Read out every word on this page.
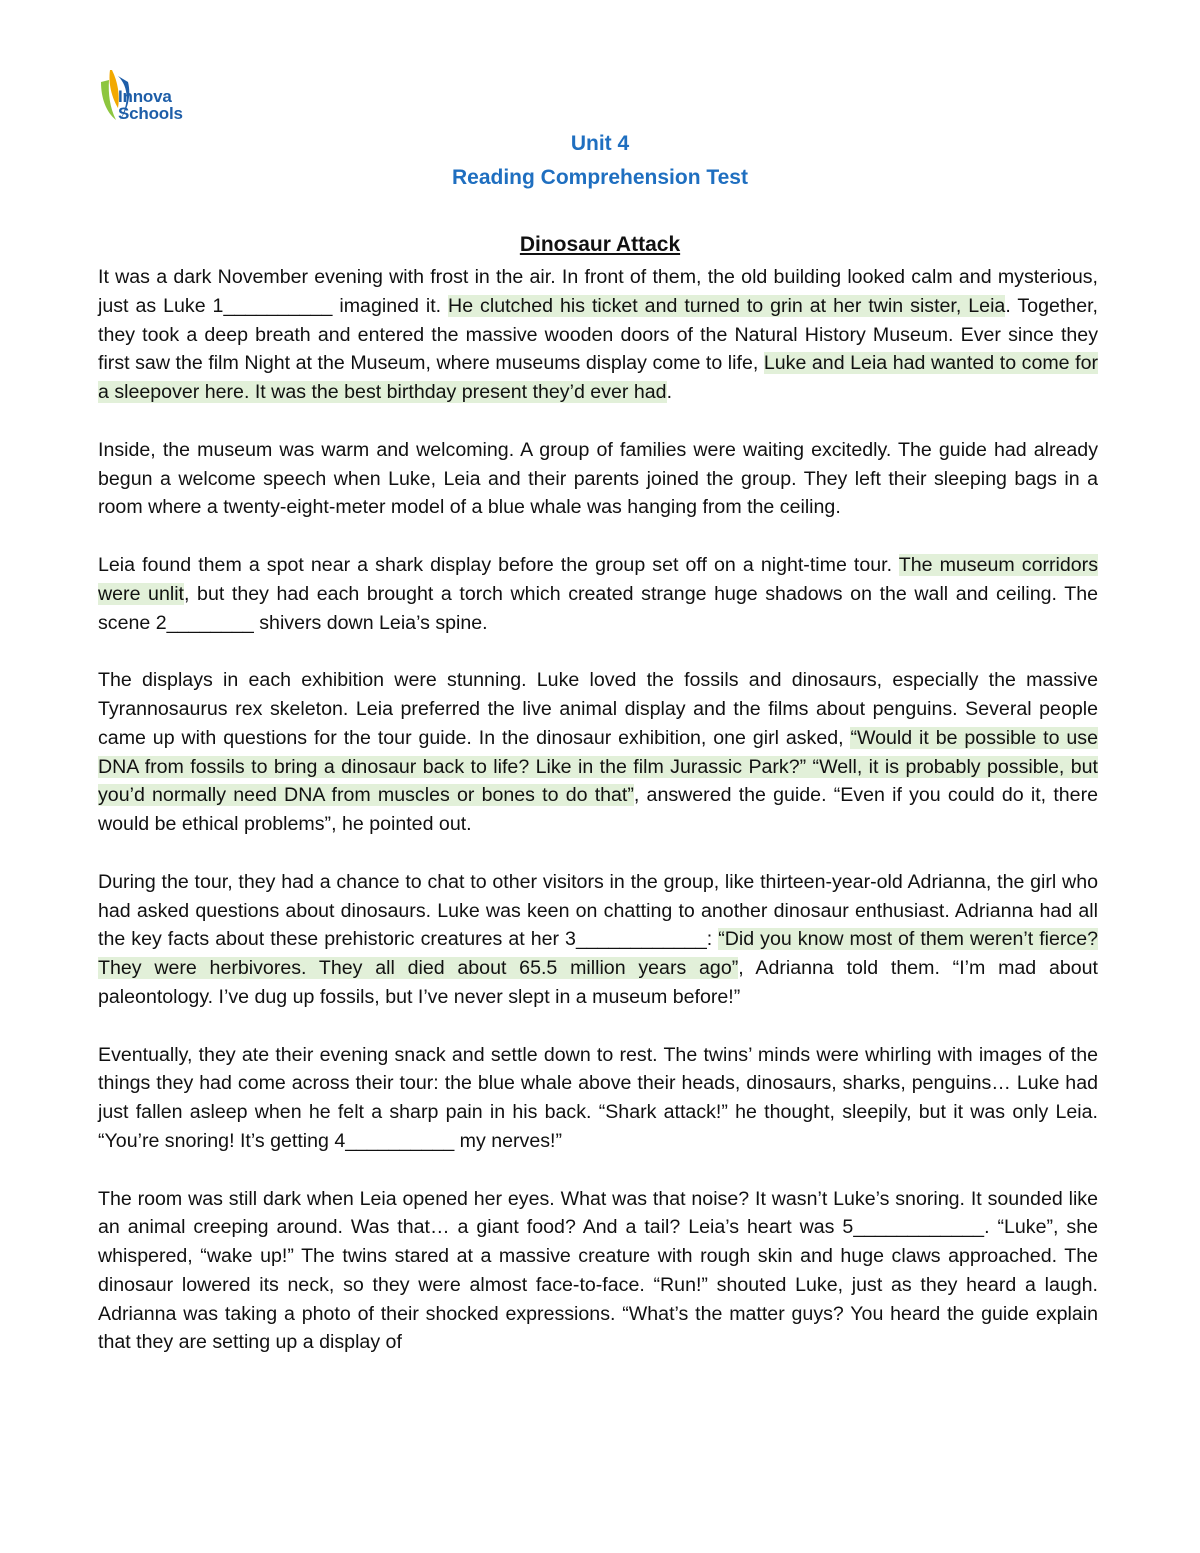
Innova
Schools
Unit 4
Reading Comprehension Test
Dinosaur Attack

It was a dark November evening with frost in the air. In front of them, the old building looked calm and mysterious, just as Luke 1__________ imagined it. He clutched his ticket and turned to grin at her twin sister, Leia. Together, they took a deep breath and entered the massive wooden doors of the Natural History Museum. Ever since they first saw the film Night at the Museum, where museums display come to life, Luke and Leia had wanted to come for a sleepover here. It was the best birthday present they’d ever had.

Inside, the museum was warm and welcoming. A group of families were waiting excitedly. The guide had already begun a welcome speech when Luke, Leia and their parents joined the group. They left their sleeping bags in a room where a twenty-eight-meter model of a blue whale was hanging from the ceiling.

Leia found them a spot near a shark display before the group set off on a night-time tour. The museum corridors were unlit, but they had each brought a torch which created strange huge shadows on the wall and ceiling. The scene 2________ shivers down Leia’s spine.

The displays in each exhibition were stunning. Luke loved the fossils and dinosaurs, especially the massive Tyrannosaurus rex skeleton. Leia preferred the live animal display and the films about penguins. Several people came up with questions for the tour guide. In the dinosaur exhibition, one girl asked, “Would it be possible to use DNA from fossils to bring a dinosaur back to life? Like in the film Jurassic Park?” “Well, it is probably possible, but you’d normally need DNA from muscles or bones to do that”, answered the guide. “Even if you could do it, there would be ethical problems”, he pointed out.

During the tour, they had a chance to chat to other visitors in the group, like thirteen-year-old Adrianna, the girl who had asked questions about dinosaurs. Luke was keen on chatting to another dinosaur enthusiast. Adrianna had all the key facts about these prehistoric creatures at her 3____________: “Did you know most of them weren’t fierce? They were herbivores. They all died about 65.5 million years ago”, Adrianna told them. “I’m mad about paleontology. I’ve dug up fossils, but I’ve never slept in a museum before!”

Eventually, they ate their evening snack and settle down to rest. The twins’ minds were whirling with images of the things they had come across their tour: the blue whale above their heads, dinosaurs, sharks, penguins… Luke had just fallen asleep when he felt a sharp pain in his back. “Shark attack!” he thought, sleepily, but it was only Leia. “You’re snoring! It’s getting 4__________ my nerves!”

The room was still dark when Leia opened her eyes. What was that noise? It wasn’t Luke’s snoring. It sounded like an animal creeping around. Was that… a giant food? And a tail? Leia’s heart was 5____________. “Luke”, she whispered, “wake up!” The twins stared at a massive creature with rough skin and huge claws approached. The dinosaur lowered its neck, so they were almost face-to-face. “Run!” shouted Luke, just as they heard a laugh. Adrianna was taking a photo of their shocked expressions. “What’s the matter guys? You heard the guide explain that they are setting up a display of
